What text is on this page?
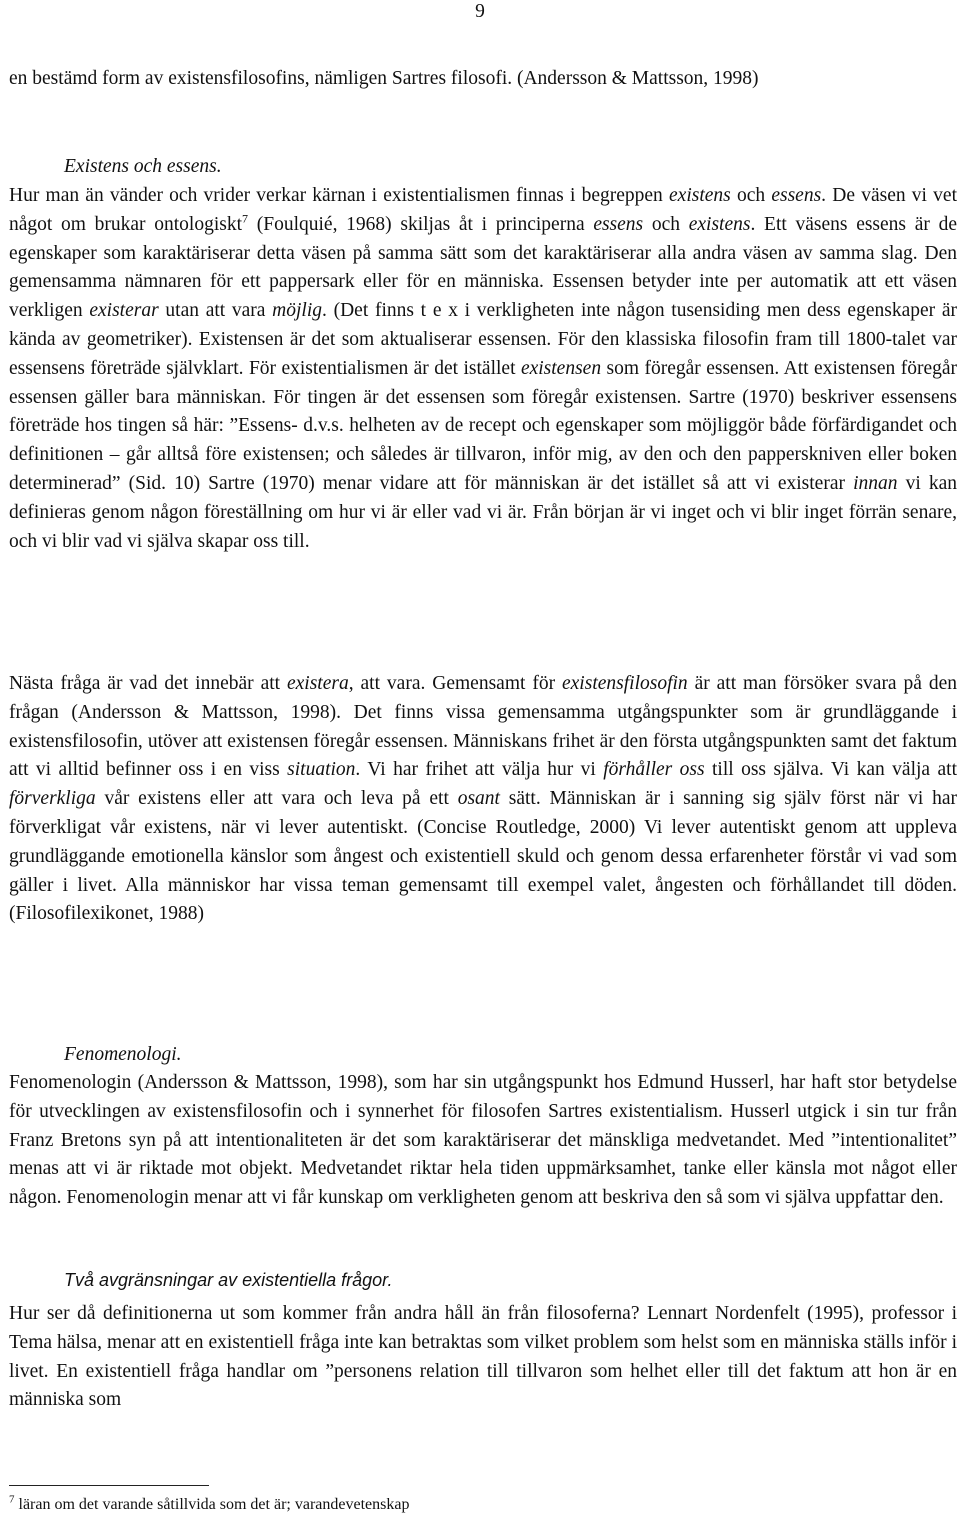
9

en bestämd form av existensfilosofins, nämligen Sartres filosofi. (Andersson & Mattsson, 1998)

Existens och essens.

Hur man än vänder och vrider verkar kärnan i existentialismen finnas i begreppen existens och essens. De väsen vi vet något om brukar ontologiskt$^7$ (Foulquié, 1968) skiljas åt i principerna essens och existens. Ett väsens essens är de egenskaper som karaktäriserar detta väsen på samma sätt som det karaktäriserar alla andra väsen av samma slag. Den gemensamma nämnaren för ett pappersark eller för en människa. Essensen betyder inte per automatik att ett väsen verkligen existerar utan att vara möjlig. (Det finns t e x i verkligheten inte någon tusensiding men dess egenskaper är kända av geometriker). Existensen är det som aktualiserar essensen. För den klassiska filosofin fram till 1800-talet var essensens företräde självklart. För existentialismen är det istället existensen som föregår essensen. Att existensen föregår essensen gäller bara människan. För tingen är det essensen som föregår existensen. Sartre (1970) beskriver essensens företräde hos tingen så här: ”Essens- d.v.s. helheten av de recept och egenskaper som möjliggör både förfärdigandet och definitionen – går alltså före existensen; och således är tillvaron, inför mig, av den och den papperskniven eller boken determinerad” (Sid. 10) Sartre (1970) menar vidare att för människan är det istället så att vi existerar innan vi kan definieras genom någon föreställning om hur vi är eller vad vi är. Från början är vi inget och vi blir inget förrän senare, och vi blir vad vi själva skapar oss till.

Nästa fråga är vad det innebär att existera, att vara. Gemensamt för existensfilosofin är att man försöker svara på den frågan (Andersson & Mattsson, 1998). Det finns vissa gemensamma utgångspunkter som är grundläggande i existensfilosofin, utöver att existensen föregår essensen. Människans frihet är den första utgångspunkten samt det faktum att vi alltid befinner oss i en viss situation. Vi har frihet att välja hur vi förhåller oss till oss själva. Vi kan välja att förverkliga vår existens eller att vara och leva på ett osant sätt. Människan är i sanning sig själv först när vi har förverkligat vår existens, när vi lever autentiskt. (Concise Routledge, 2000) Vi lever autentiskt genom att uppleva grundläggande emotionella känslor som ångest och existentiell skuld och genom dessa erfarenheter förstår vi vad som gäller i livet. Alla människor har vissa teman gemensamt till exempel valet, ångesten och förhållandet till döden. (Filosofilexikonet, 1988)

Fenomenologi.

Fenomenologin (Andersson & Mattsson, 1998), som har sin utgångspunkt hos Edmund Husserl, har haft stor betydelse för utvecklingen av existensfilosofin och i synnerhet för filosofen Sartres existentialism. Husserl utgick i sin tur från Franz Bretons syn på att intentionaliteten är det som karaktäriserar det mänskliga medvetandet. Med ”intentionalitet” menas att vi är riktade mot objekt. Medvetandet riktar hela tiden uppmärksamhet, tanke eller känsla mot något eller någon. Fenomenologin menar att vi får kunskap om verkligheten genom att beskriva den så som vi själva uppfattar den.

Två avgränsningar av existentiella frågor.

Hur ser då definitionerna ut som kommer från andra håll än från filosoferna? Lennart Nordenfelt (1995), professor i Tema hälsa, menar att en existentiell fråga inte kan betraktas som vilket problem som helst som en människa ställs inför i livet. En existentiell fråga handlar om ”personens relation till tillvaron som helhet eller till det faktum att hon är en människa som

$^7$ läran om det varande såtillvida som det är; varandevetenskap
